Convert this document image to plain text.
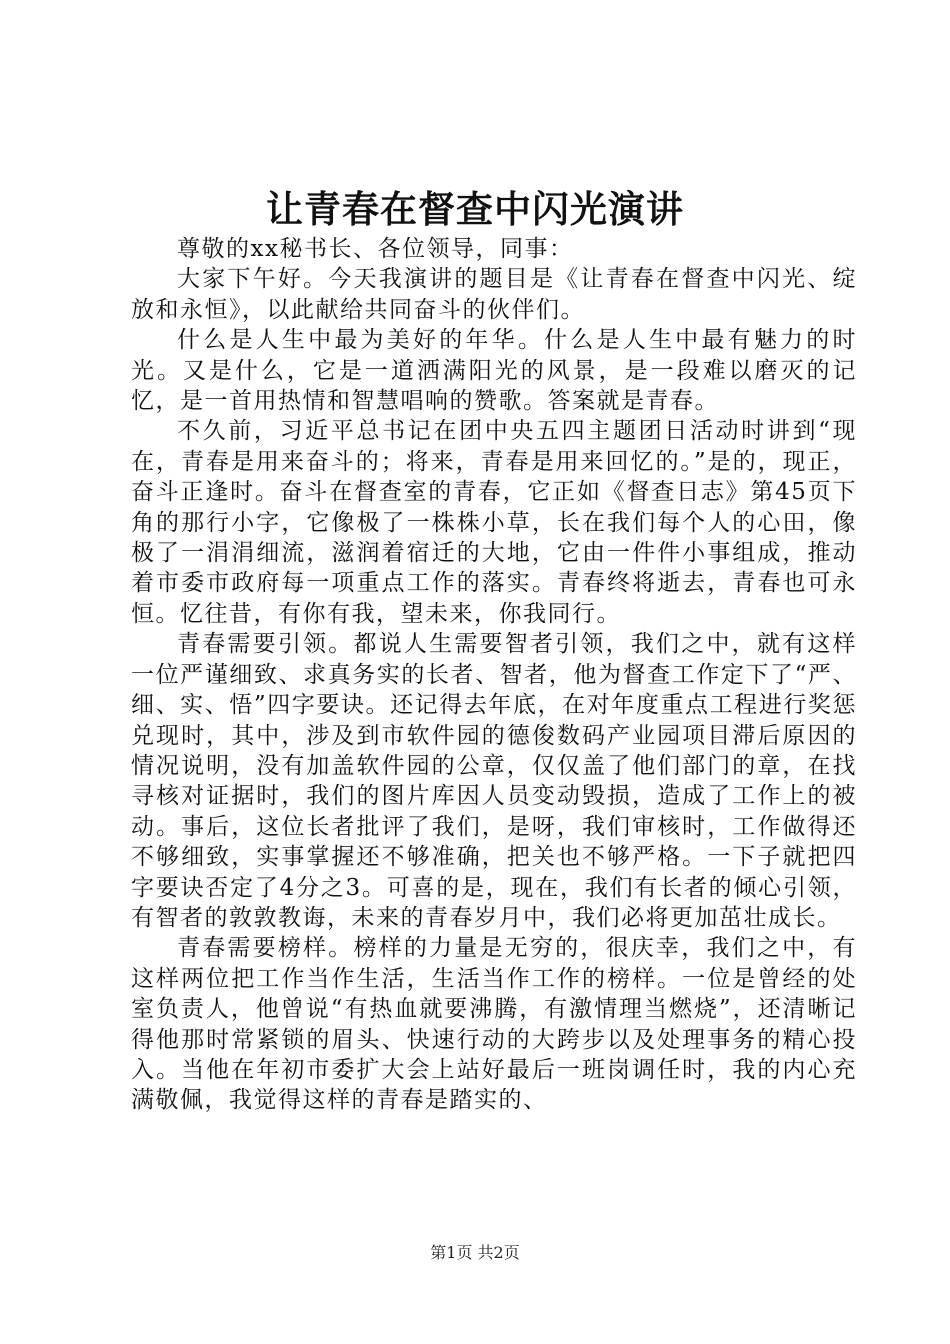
让青春在督查中闪光演讲

尊敬的xx秘书长、各位领导，同事：

大家下午好。今天我演讲的题目是《让青春在督查中闪光、绽放和永恒》，以此献给共同奋斗的伙伴们。

什么是人生中最为美好的年华。什么是人生中最有魅力的时光。又是什么，它是一道洒满阳光的风景，是一段难以磨灭的记忆，是一首用热情和智慧唱响的赞歌。答案就是青春。

不久前，习近平总书记在团中央五四主题团日活动时讲到“现在，青春是用来奋斗的；将来，青春是用来回忆的。”是的，现正，奋斗正逢时。奋斗在督查室的青春，它正如《督查日志》第45页下角的那行小字，它像极了一株株小草，长在我们每个人的心田，像极了一涓涓细流，滋润着宿迁的大地，它由一件件小事组成，推动着市委市政府每一项重点工作的落实。青春终将逝去，青春也可永恒。忆往昔，有你有我，望未来，你我同行。

青春需要引领。都说人生需要智者引领，我们之中，就有这样一位严谨细致、求真务实的长者、智者，他为督查工作定下了“严、细、实、悟”四字要诀。还记得去年底，在对年度重点工程进行奖惩兑现时，其中，涉及到市软件园的德俊数码产业园项目滞后原因的情况说明，没有加盖软件园的公章，仅仅盖了他们部门的章，在找寻核对证据时，我们的图片库因人员变动毁损，造成了工作上的被动。事后，这位长者批评了我们，是呀，我们审核时，工作做得还不够细致，实事掌握还不够准确，把关也不够严格。一下子就把四字要诀否定了4分之3。可喜的是，现在，我们有长者的倾心引领，有智者的敦敦教诲，未来的青春岁月中，我们必将更加茁壮成长。

青春需要榜样。榜样的力量是无穷的，很庆幸，我们之中，有这样两位把工作当作生活，生活当作工作的榜样。一位是曾经的处室负责人，他曾说“有热血就要沸腾，有激情理当燃烧”，还清晰记得他那时常紧锁的眉头、快速行动的大跨步以及处理事务的精心投入。当他在年初市委扩大会上站好最后一班岗调任时，我的内心充满敬佩，我觉得这样的青春是踏实的、

第1页 共2页
